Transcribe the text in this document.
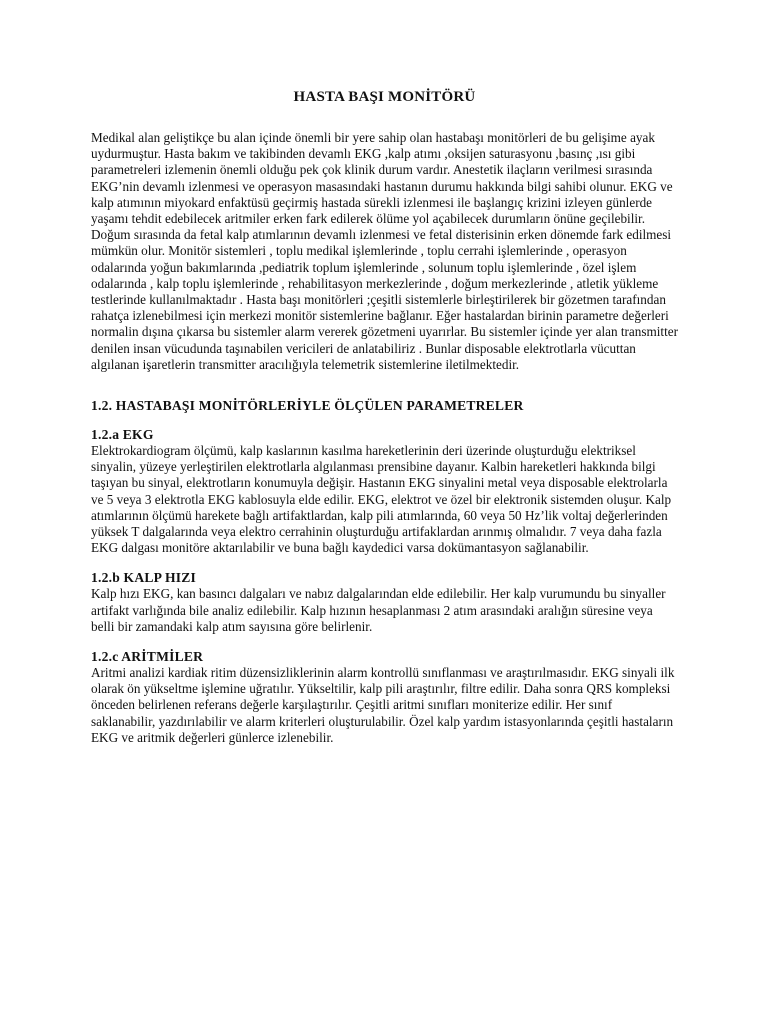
HASTA BAŞI MONİTÖRÜ

Medikal alan geliştikçe bu alan içinde önemli bir yere sahip olan hastabaşı monitörleri de bu gelişime ayak uydurmuştur. Hasta bakım ve takibinden devamlı EKG ,kalp atımı ,oksijen saturasyonu ,basınç ,ısı gibi parametreleri izlemenin önemli olduğu pek çok klinik durum vardır. Anestetik ilaçların verilmesi sırasında EKG’nin devamlı izlenmesi ve operasyon masasındaki hastanın durumu hakkında bilgi sahibi olunur. EKG ve kalp atımının miyokard enfaktüsü geçirmiş hastada sürekli izlenmesi ile başlangıç krizini izleyen günlerde yaşamı tehdit edebilecek aritmiler erken fark edilerek ölüme yol açabilecek durumların önüne geçilebilir. Doğum sırasında da fetal kalp atımlarının devamlı izlenmesi ve fetal disterisinin erken dönemde fark edilmesi mümkün olur. Monitör sistemleri , toplu medikal işlemlerinde , toplu cerrahi işlemlerinde , operasyon odalarında yoğun bakımlarında ,pediatrik toplum işlemlerinde , solunum toplu işlemlerinde , özel işlem odalarında , kalp toplu işlemlerinde , rehabilitasyon merkezlerinde , doğum merkezlerinde , atletik yükleme testlerinde kullanılmaktadır . Hasta başı monitörleri ;çeşitli sistemlerle birleştirilerek bir gözetmen tarafından rahatça izlenebilmesi için merkezi monitör sistemlerine bağlanır. Eğer hastalardan birinin parametre değerleri normalin dışına çıkarsa bu sistemler alarm vererek gözetmeni uyarırlar. Bu sistemler içinde yer alan transmitter denilen insan vücudunda taşınabilen vericileri de anlatabiliriz . Bunlar disposable elektrotlarla vücuttan algılanan işaretlerin transmitter aracılığıyla telemetrik sistemlerine iletilmektedir.

1.2. HASTABAŞI MONİTÖRLERİYLE ÖLÇÜLEN PARAMETRELER
1.2.a EKG

Elektrokardiogram ölçümü, kalp kaslarının kasılma hareketlerinin deri üzerinde oluşturduğu elektriksel sinyalin, yüzeye yerleştirilen elektrotlarla algılanması prensibine dayanır. Kalbin hareketleri hakkında bilgi taşıyan bu sinyal, elektrotların konumuyla değişir. Hastanın EKG sinyalini metal veya disposable elektrolarla ve 5 veya 3 elektrotla EKG kablosuyla elde edilir. EKG, elektrot ve özel bir elektronik sistemden oluşur. Kalp atımlarının ölçümü harekete bağlı artifaktlardan, kalp pili atımlarında, 60 veya 50 Hz’lik voltaj değerlerinden yüksek T dalgalarında veya elektro cerrahinin oluşturduğu artifaklardan arınmış olmalıdır. 7 veya daha fazla EKG dalgası monitöre aktarılabilir ve buna bağlı kaydedici varsa dokümantasyon sağlanabilir.

1.2.b KALP HIZI

Kalp hızı EKG, kan basıncı dalgaları ve nabız dalgalarından elde edilebilir. Her kalp vurumundu bu sinyaller artifakt varlığında bile analiz edilebilir. Kalp hızının hesaplanması 2 atım arasındaki aralığın süresine veya belli bir zamandaki kalp atım sayısına göre belirlenir.

1.2.c ARİTMİLER

Aritmi analizi kardiak ritim düzensizliklerinin alarm kontrollü sınıflanması ve araştırılmasıdır. EKG sinyali ilk olarak ön yükseltme işlemine uğratılır. Yükseltilir, kalp pili araştırılır, filtre edilir. Daha sonra QRS kompleksi önceden belirlenen referans değerle karşılaştırılır. Çeşitli aritmi sınıfları moniterize edilir. Her sınıf saklanabilir, yazdırılabilir ve alarm kriterleri oluşturulabilir. Özel kalp yardım istasyonlarında çeşitli hastaların EKG ve aritmik değerleri günlerce izlenebilir.
